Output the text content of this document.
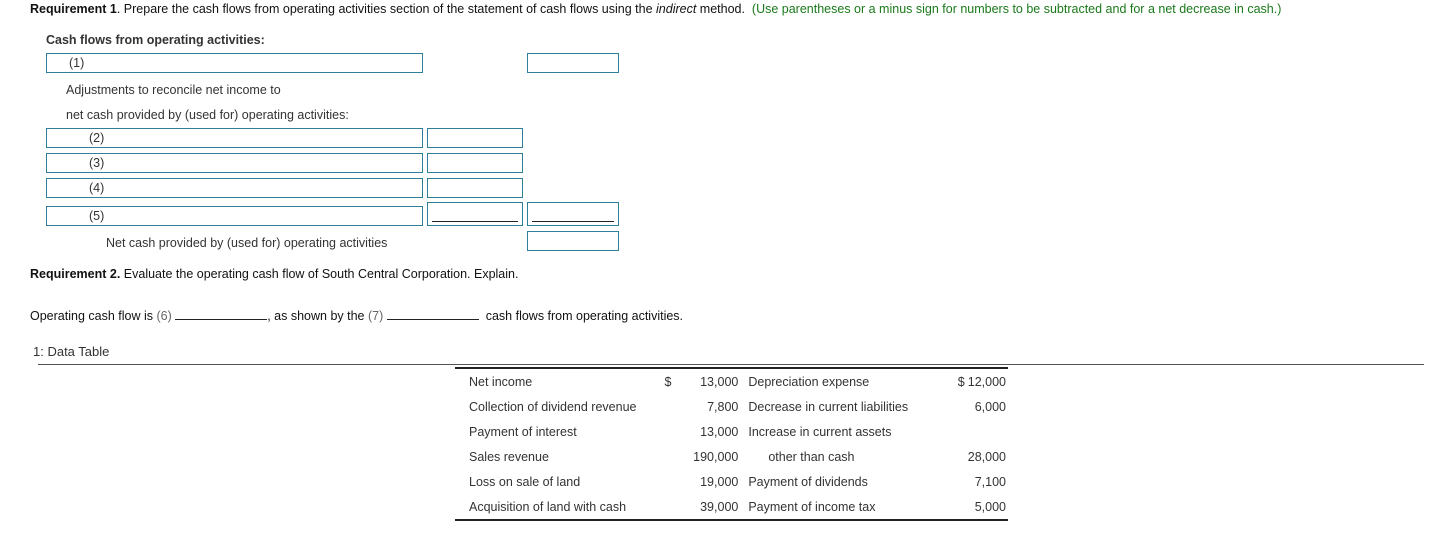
Requirement 1. Prepare the cash flows from operating activities section of the statement of cash flows using the indirect method. (Use parentheses or a minus sign for numbers to be subtracted and for a net decrease in cash.)
Cash flows from operating activities:
(1)
Adjustments to reconcile net income to
net cash provided by (used for) operating activities:
(2)
(3)
(4)
(5)
Net cash provided by (used for) operating activities
Requirement 2. Evaluate the operating cash flow of South Central Corporation. Explain.
Operating cash flow is (6)	, as shown by the (7)	cash flows from operating activities.
1: Data Table
Net income	$	13,000	Depreciation expense	$	12,000
Collection of dividend revenue		7,800	Decrease in current liabilities		6,000
Payment of interest		13,000	Increase in current assets		
Sales revenue		190,000	other than cash		28,000
Loss on sale of land		19,000	Payment of dividends		7,100
Acquisition of land with cash		39,000	Payment of income tax		5,000
